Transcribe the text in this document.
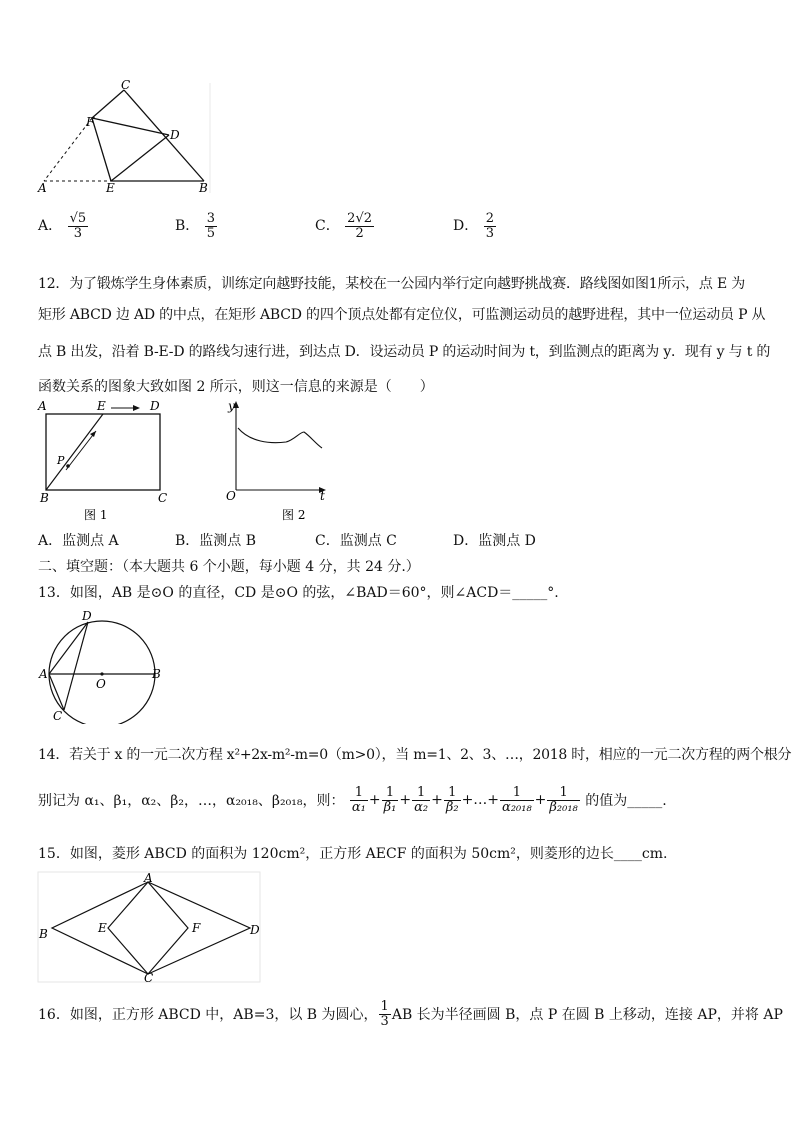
C
F
D
A	E	B
A． $\frac{√5}{3}$	B． $\frac{3}{5}$	C． $\frac{2√2}{2}$	D． $\frac{2}{3}$
12．为了锻炼学生身体素质，训练定向越野技能，某校在一公园内举行定向越野挑战赛．路线图如图1所示，点 E 为
矩形 ABCD 边 AD 的中点，在矩形 ABCD 的四个顶点处都有定位仪，可监测运动员的越野进程，其中一位运动员 P 从
点 B 出发，沿着 B-E-D 的路线匀速行进，到达点 D．设运动员 P 的运动时间为 t，到监测点的距离为 y．现有 y 与 t 的
函数关系的图象大致如图 2 所示，则这一信息的来源是（　　）
A	E	D
P
B	C
图 1
y
O	t
图 2
A．监测点 A	B．监测点 B	C．监测点 C	D．监测点 D
二、填空题：（本大题共 6 个小题，每小题 4 分，共 24 分.）
13．如图，AB 是⊙O 的直径，CD 是⊙O 的弦，∠BAD＝60°，则∠ACD＝_____°.
D
A
O
B
C
14．若关于 x 的一元二次方程 x²+2x-m²-m=0（m>0），当 m=1、2、3、…，2018 时，相应的一元二次方程的两个根分
别记为 α₁、β₁，α₂、β₂，…，α₂₀₁₈、β₂₀₁₈，则： $\frac{1}{\text{α₁}} + \frac{1}{\text{β₁}} + \frac{1}{\text{α₂}} + \frac{1}{\text{β₂}}$ +…+ $\frac{1}{\text{α₂₀₁₈}} + \frac{1}{\text{β₂₀₁₈}}$ 的值为_____.
15．如图，菱形 ABCD 的面积为 120cm²，正方形 AECF 的面积为 50cm²，则菱形的边长____cm.
A
B	E	F	D
C
16．如图，正方形 ABCD 中，AB=3，以 B 为圆心， $\frac{1}{3}$ AB 长为半径画圆 B，点 P 在圆 B 上移动，连接 AP，并将 AP
